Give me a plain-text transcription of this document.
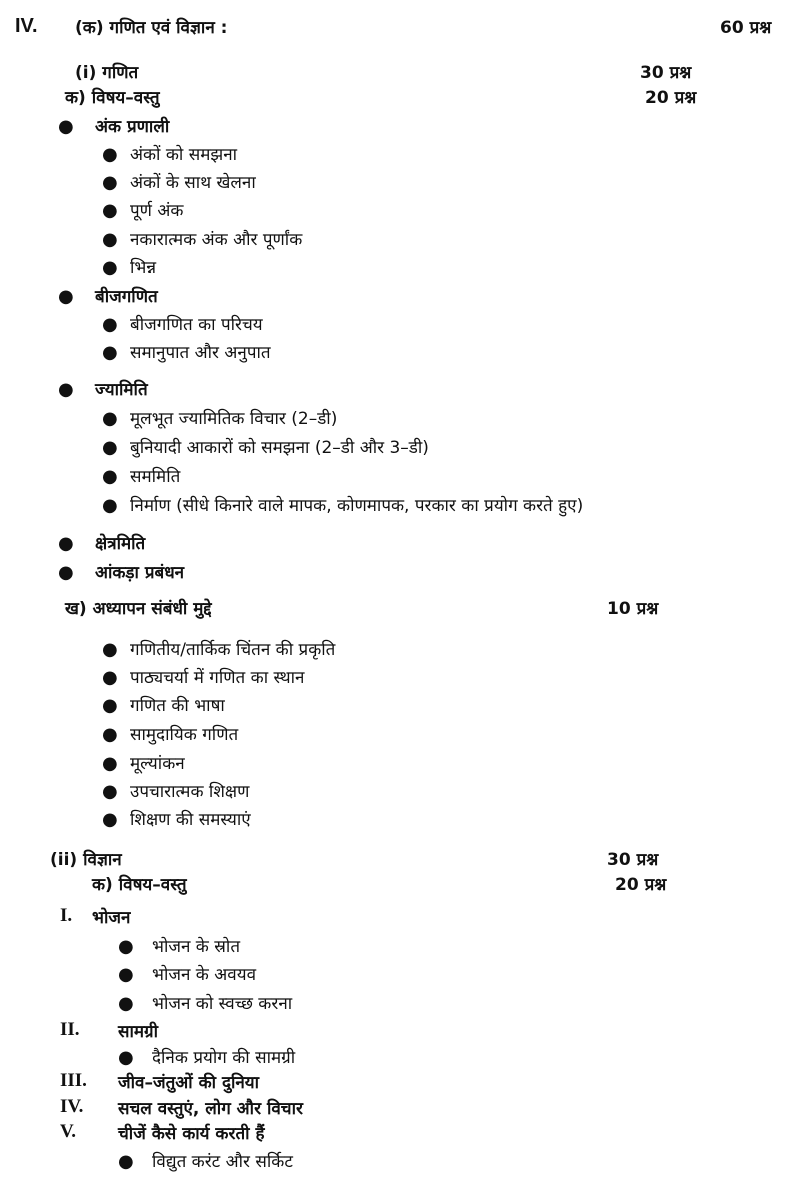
IV. (क) गणित एवं विज्ञान :	60 प्रश्न
(i) गणित	30 प्रश्न
क) विषय–वस्तु	20 प्रश्न
ख) अध्यापन संबंधी मुद्दे	10 प्रश्न
(ii) विज्ञान	30 प्रश्न
क) विषय–वस्तु	20 प्रश्न
● अंक प्रणाली
● अंकों को समझना
● अंकों के साथ खेलना
● पूर्ण अंक
● नकारात्मक अंक और पूर्णांक
● भिन्न
● बीजगणित
● बीजगणित का परिचय
● समानुपात और अनुपात
● ज्यामिति
● मूलभूत ज्यामितिक विचार (2–डी)
● बुनियादी आकारों को समझना (2–डी और 3–डी)
● सममिति
● निर्माण (सीधे किनारे वाले मापक, कोणमापक, परकार का प्रयोग करते हुए)
● क्षेत्रमिति
● आंकड़ा प्रबंधन
● गणितीय/तार्किक चिंतन की प्रकृति
● पाठ्यचर्या में गणित का स्थान
● गणित की भाषा
● सामुदायिक गणित
● मूल्यांकन
● उपचारात्मक शिक्षण
● शिक्षण की समस्याएं
I. भोजन
● भोजन के स्रोत
● भोजन के अवयव
● भोजन को स्वच्छ करना
II. सामग्री
● दैनिक प्रयोग की सामग्री
III. जीव–जंतुओं की दुनिया
IV. सचल वस्तुएं, लोग और विचार
V. चीजें कैसे कार्य करती हैं
● विद्युत करंट और सर्किट
